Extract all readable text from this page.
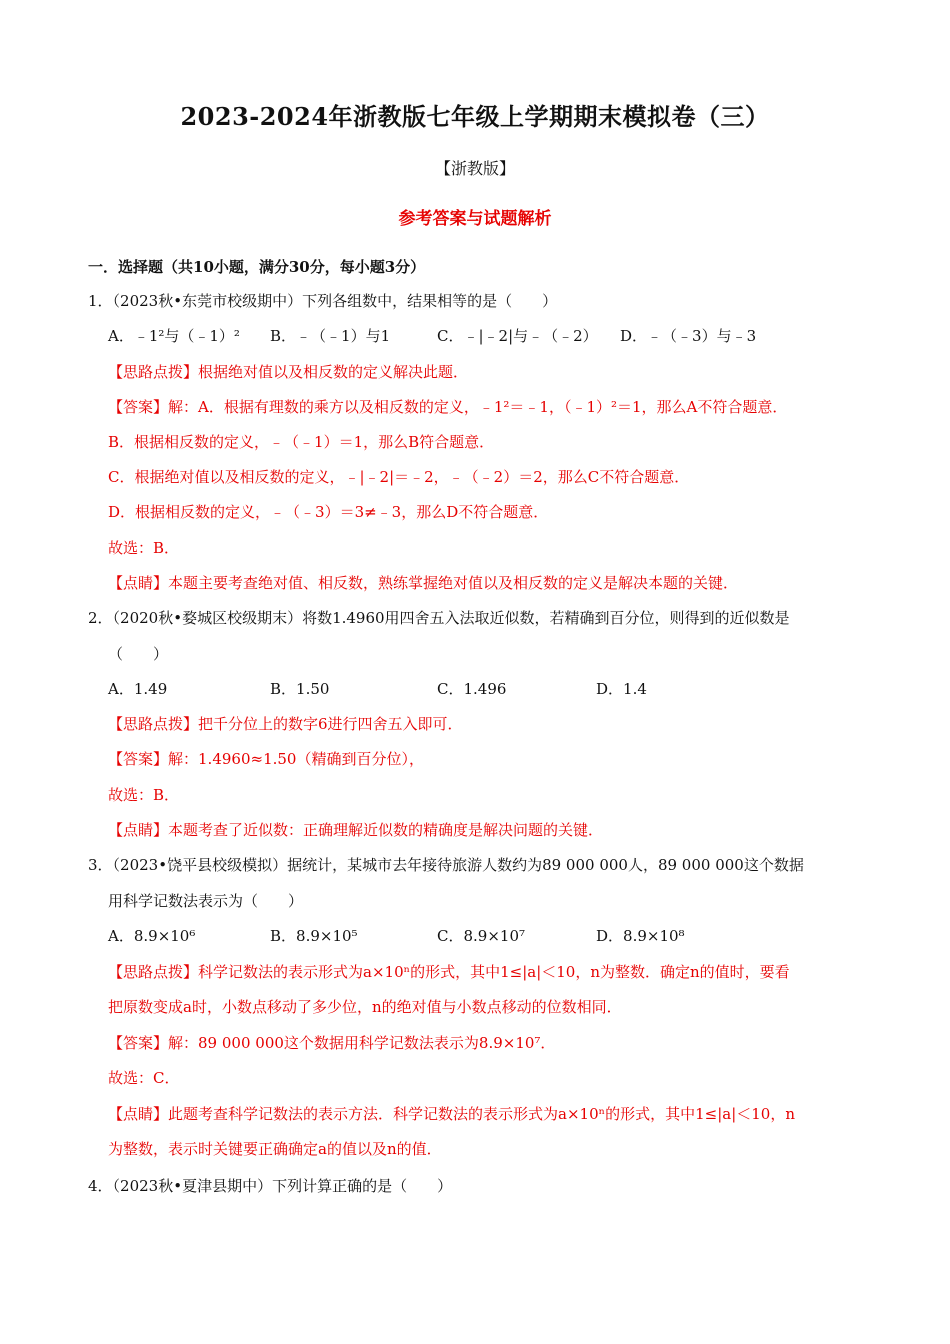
2023-2024年浙教版七年级上学期期末模拟卷（三）
【浙教版】
参考答案与试题解析
一．选择题（共10小题，满分30分，每小题3分）
1．（2023秋•东莞市校级期中）下列各组数中，结果相等的是（　　）
A．﹣1²与（﹣1）² B．﹣（﹣1）与1	C．﹣|﹣2|与﹣（﹣2） D．﹣（﹣3）与﹣3
【思路点拨】根据绝对值以及相反数的定义解决此题．
【答案】解：A．根据有理数的乘方以及相反数的定义，﹣1²＝﹣1，（﹣1）²＝1，那么A不符合题意．
B．根据相反数的定义，﹣（﹣1）＝1，那么B符合题意．
C．根据绝对值以及相反数的定义，﹣|﹣2|＝﹣2，﹣（﹣2）＝2，那么C不符合题意．
D．根据相反数的定义，﹣（﹣3）＝3≠﹣3，那么D不符合题意．
故选：B．
【点睛】本题主要考查绝对值、相反数，熟练掌握绝对值以及相反数的定义是解决本题的关键．
2．（2020秋•婺城区校级期末）将数1.4960用四舍五入法取近似数，若精确到百分位，则得到的近似数是
（　　）
A．1.49	B．1.50	C．1.496	D．1.4
【思路点拨】把千分位上的数字6进行四舍五入即可．
【答案】解：1.4960≈1.50（精确到百分位），
故选：B．
【点睛】本题考查了近似数：正确理解近似数的精确度是解决问题的关键．
3．（2023•饶平县校级模拟）据统计，某城市去年接待旅游人数约为89 000 000人，89 000 000这个数据
用科学记数法表示为（　　）
A．8.9×10⁶	B．8.9×10⁵	C．8.9×10⁷	D．8.9×10⁸
【思路点拨】科学记数法的表示形式为a×10ⁿ的形式，其中1≤|a|＜10，n为整数．确定n的值时，要看
把原数变成a时，小数点移动了多少位，n的绝对值与小数点移动的位数相同．
【答案】解：89 000 000这个数据用科学记数法表示为8.9×10⁷．
故选：C．
【点睛】此题考查科学记数法的表示方法．科学记数法的表示形式为a×10ⁿ的形式，其中1≤|a|＜10，n
为整数，表示时关键要正确确定a的值以及n的值．
4．（2023秋•夏津县期中）下列计算正确的是（　　）
